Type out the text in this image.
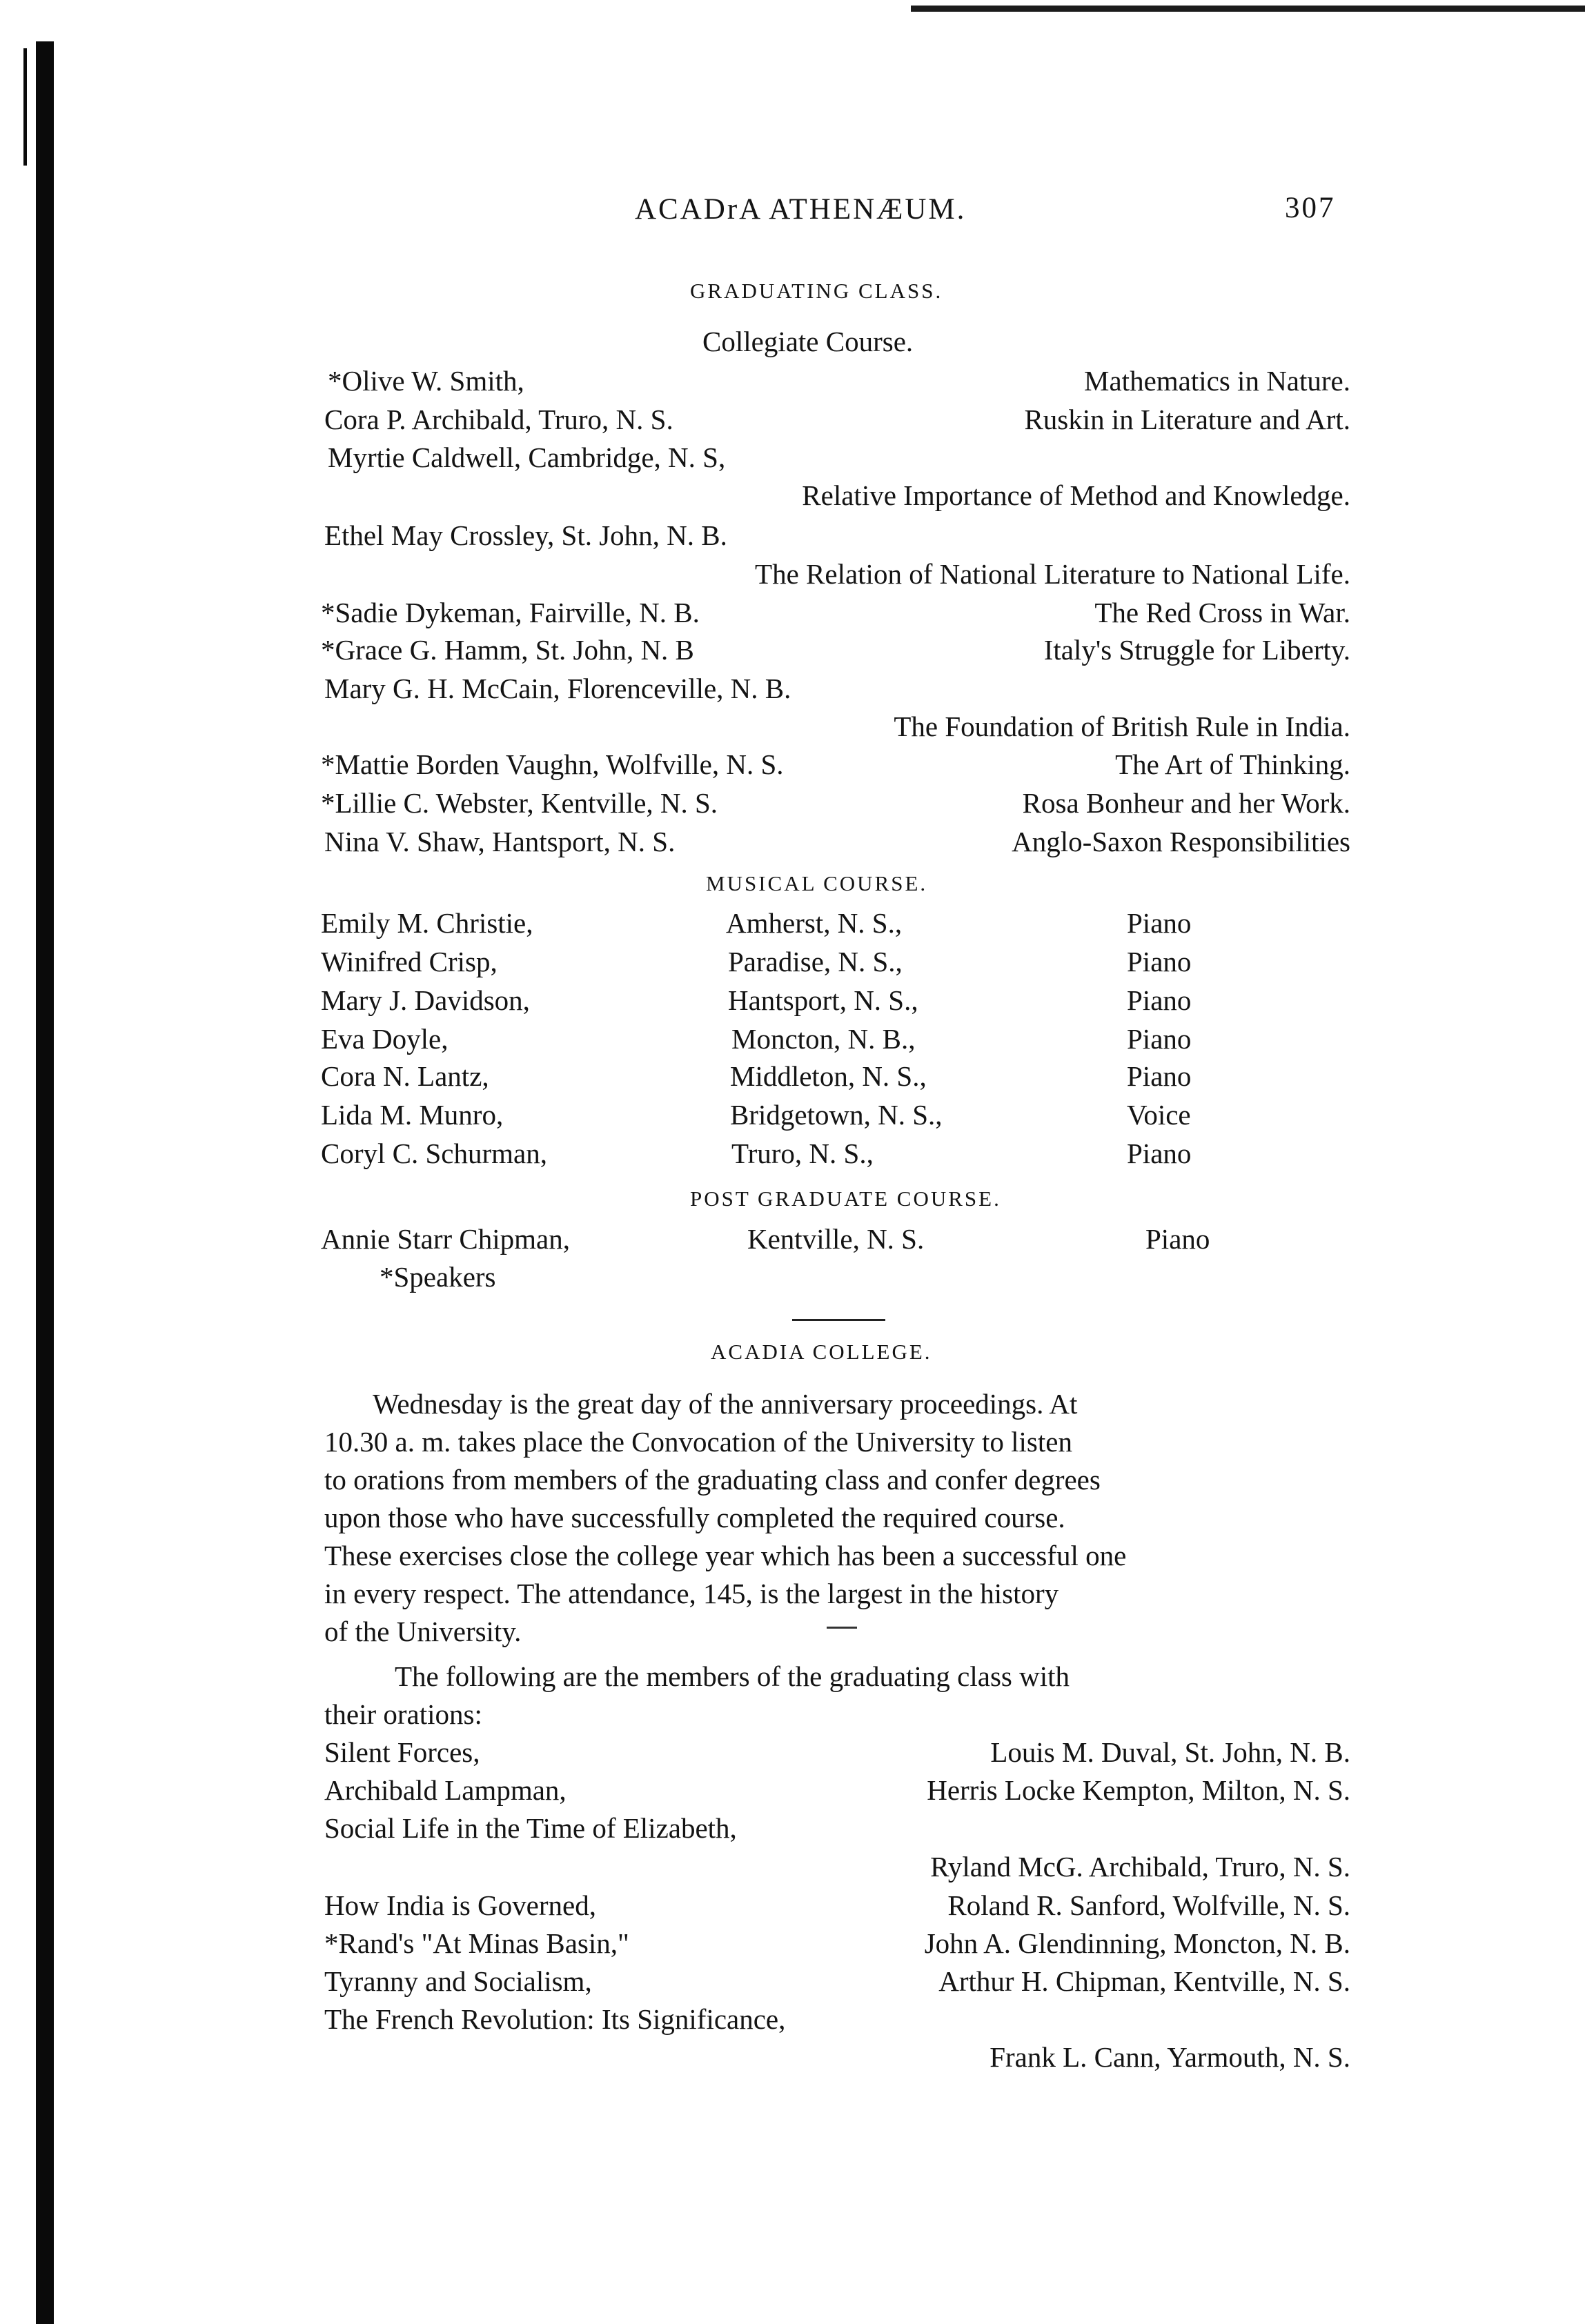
ACADrA ATHENÆUM.	307
GRADUATING CLASS.
Collegiate Course.
*Olive W. Smith,	Mathematics in Nature.
Cora P. Archibald, Truro, N. S.	Ruskin in Literature and Art.
Myrtie Caldwell, Cambridge, N. S,
Relative Importance of Method and Knowledge.
Ethel May Crossley, St. John, N. B.
The Relation of National Literature to National Life.
*Sadie Dykeman, Fairville, N. B.	The Red Cross in War.
*Grace G. Hamm, St. John, N. B	Italy's Struggle for Liberty.
Mary G. H. McCain, Florenceville, N. B.
The Foundation of British Rule in India.
*Mattie Borden Vaughn, Wolfville, N. S.	The Art of Thinking.
*Lillie C. Webster, Kentville, N. S.	Rosa Bonheur and her Work.
Nina V. Shaw, Hantsport, N. S.	Anglo-Saxon Responsibilities
MUSICAL COURSE.
Emily M. Christie,	Amherst, N. S.,	Piano
Winifred Crisp,	Paradise, N. S.,	Piano
Mary J. Davidson,	Hantsport, N. S.,	Piano
Eva Doyle,	Moncton, N. B.,	Piano
Cora N. Lantz,	Middleton, N. S.,	Piano
Lida M. Munro,	Bridgetown, N. S.,	Voice
Coryl C. Schurman,	Truro, N. S.,	Piano
POST GRADUATE COURSE.
Annie Starr Chipman,	Kentville, N. S.	Piano
*Speakers
ACADIA COLLEGE.
Wednesday is the great day of the anniversary proceedings. At
10.30 a. m. takes place the Convocation of the University to listen
to orations from members of the graduating class and confer degrees
upon those who have successfully completed the required course.
These exercises close the college year which has been a successful one
in every respect. The attendance, 145, is the largest in the history
of the University.
The following are the members of the graduating class with
their orations:
Silent Forces,	Louis M. Duval, St. John, N. B.
Archibald Lampman,	Herris Locke Kempton, Milton, N. S.
Social Life in the Time of Elizabeth,
Ryland McG. Archibald, Truro, N. S.
How India is Governed,	Roland R. Sanford, Wolfville, N. S.
*Rand's "At Minas Basin,"	John A. Glendinning, Moncton, N. B.
Tyranny and Socialism,	Arthur H. Chipman, Kentville, N. S.
The French Revolution: Its Significance,
Frank L. Cann, Yarmouth, N. S.
